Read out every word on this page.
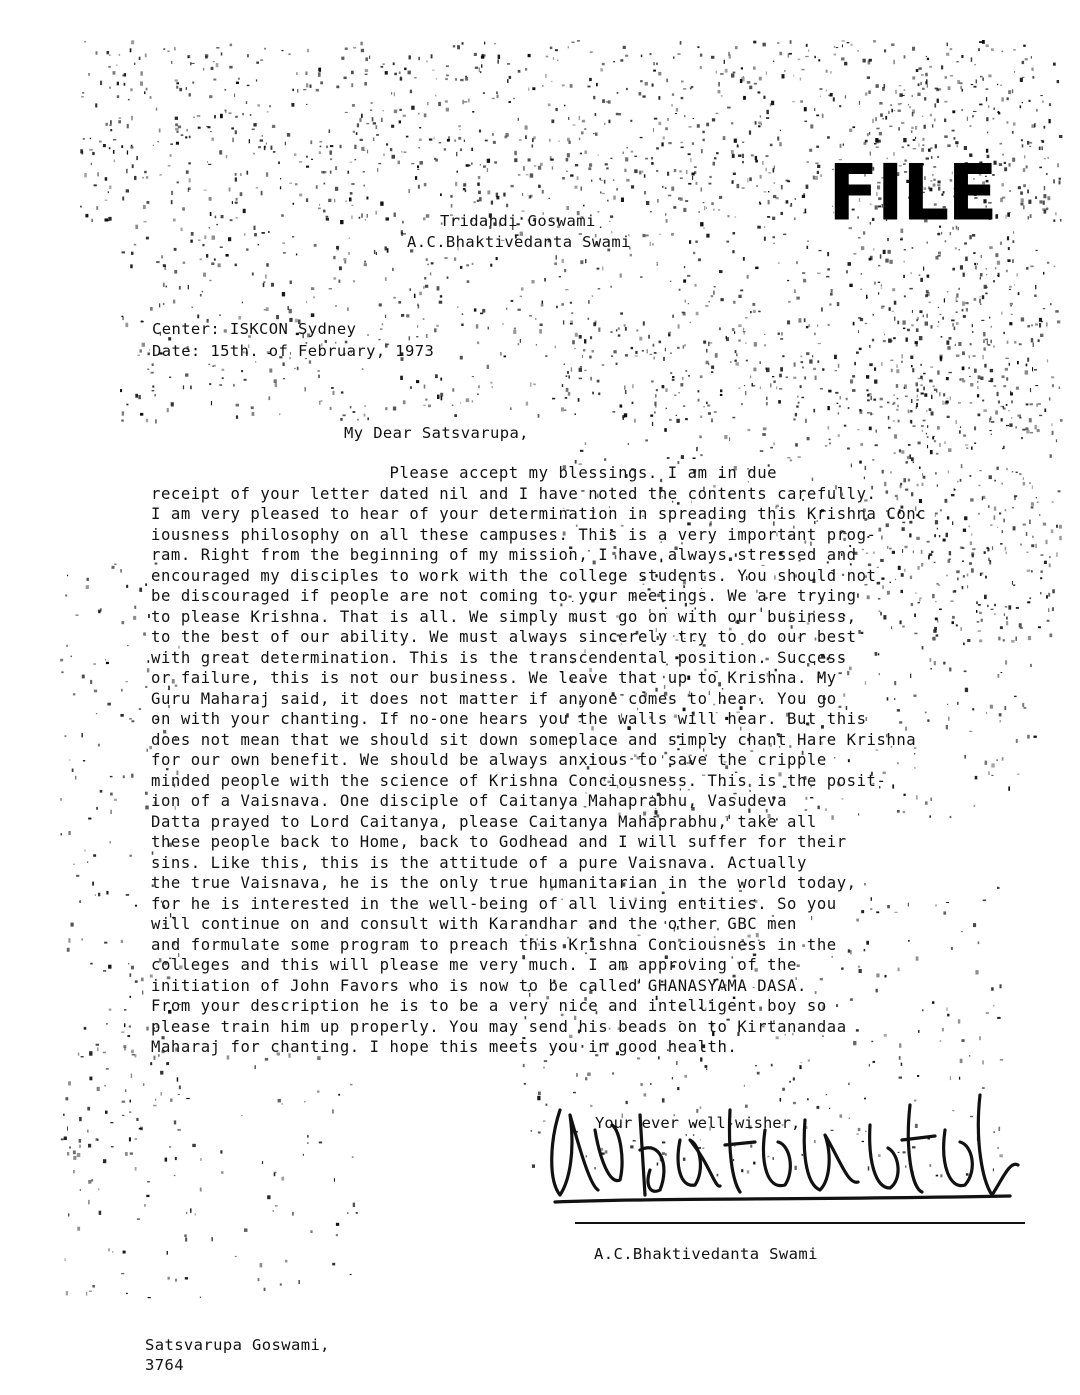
FILE
Tridandi Goswami
A.C.Bhaktivedanta Swami
Center: ISKCON Sydney
Date: 15th. of February, 1973
My Dear Satsvarupa,
Please accept my blessings. I am in due
receipt of your letter dated nil and I have noted the contents carefully.
I am very pleased to hear of your determination in spreading this Krishna Conc
iousness philosophy on all these campuses. This is a very important prog-
ram. Right from the beginning of my mission, I have always stressed and
encouraged my disciples to work with the college students. You should not
be discouraged if people are not coming to your meetings. We are trying
to please Krishna. That is all. We simply must go on with our business,
to the best of our ability. We must always sincerely try to do our best
with great determination. This is the transcendental position. Success
or failure, this is not our business. We leave that up to Krishna. My
Guru Maharaj said, it does not matter if anyone comes to hear. You go
on with your chanting. If no-one hears you the walls will hear. But this
does not mean that we should sit down someplace and simply chant Hare Krishna
for our own benefit. We should be always anxious to save the cripple
minded people with the science of Krishna Conciousness. This is the posit-
ion of a Vaisnava. One disciple of Caitanya Mahaprabhu, Vasudeva
Datta prayed to Lord Caitanya, please Caitanya Mahaprabhu, take all
these people back to Home, back to Godhead and I will suffer for their
sins. Like this, this is the attitude of a pure Vaisnava. Actually
the true Vaisnava, he is the only true humanitarian in the world today,
for he is interested in the well-being of all living entities. So you
will continue on and consult with Karandhar and the other GBC men
and formulate some program to preach this Krishna Conciousness in the
colleges and this will please me very much. I am approving of the
initiation of John Favors who is now to be called GHANASYAMA DASA.
From your description he is to be a very nice and intelligent boy so
please train him up properly. You may send his beads on to Kirtanandaa
Maharaj for chanting. I hope this meets you in good health.
Your ever well-wisher,
A.C.Bhaktivedanta Swami
Satsvarupa Goswami,
3764
